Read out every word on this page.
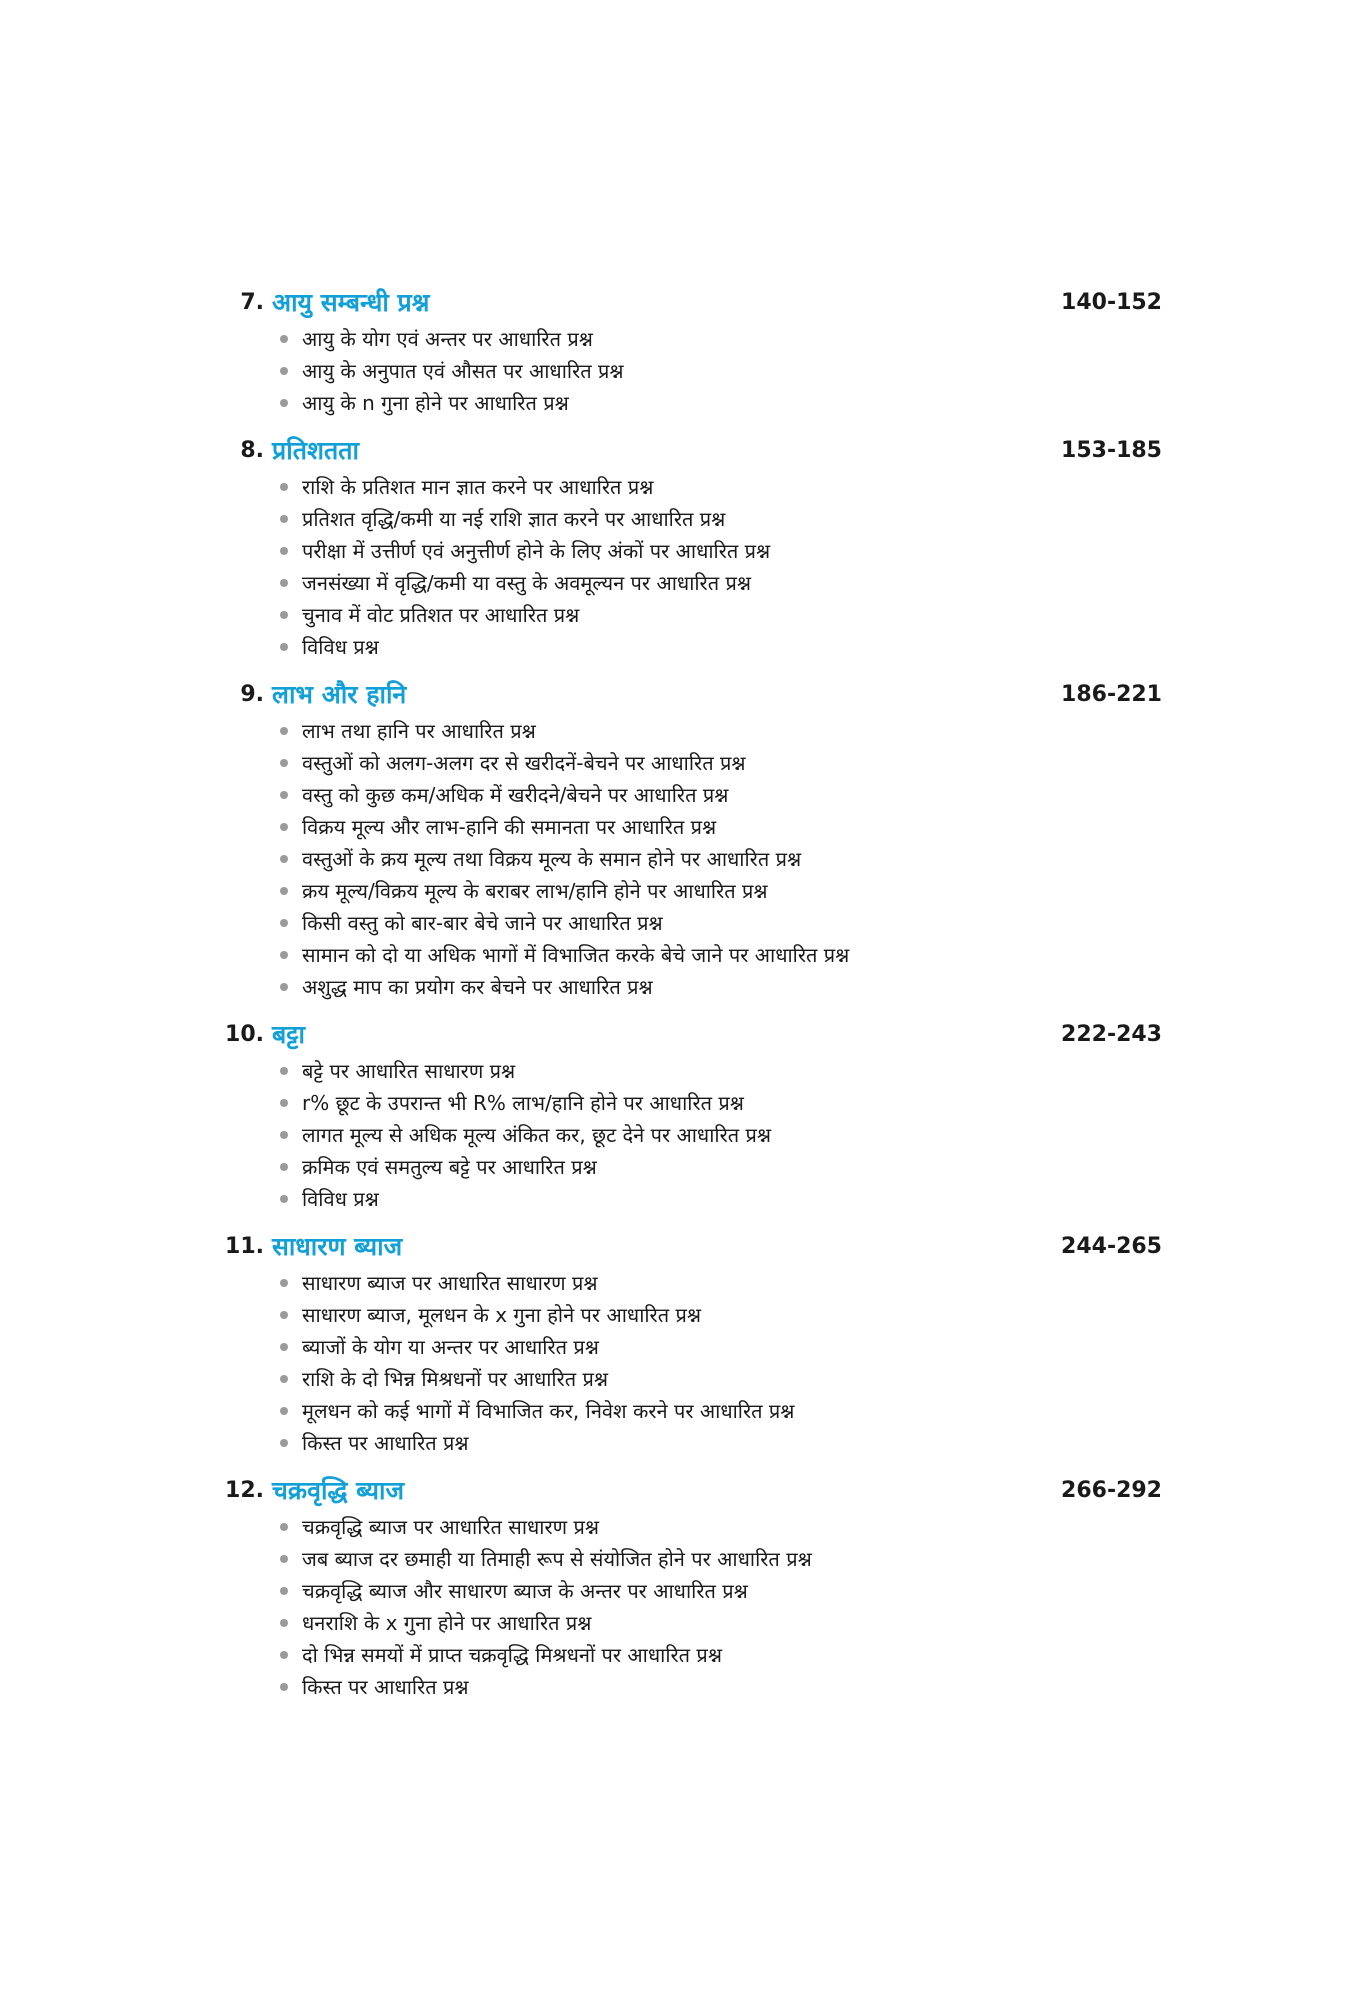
7. आयु सम्बन्धी प्रश्न	140-152
आयु के योग एवं अन्तर पर आधारित प्रश्न
आयु के अनुपात एवं औसत पर आधारित प्रश्न
आयु के n गुना होने पर आधारित प्रश्न
8. प्रतिशतता	153-185
राशि के प्रतिशत मान ज्ञात करने पर आधारित प्रश्न
प्रतिशत वृद्धि/कमी या नई राशि ज्ञात करने पर आधारित प्रश्न
परीक्षा में उत्तीर्ण एवं अनुत्तीर्ण होने के लिए अंकों पर आधारित प्रश्न
जनसंख्या में वृद्धि/कमी या वस्तु के अवमूल्यन पर आधारित प्रश्न
चुनाव में वोट प्रतिशत पर आधारित प्रश्न
विविध प्रश्न
9. लाभ और हानि	186-221
लाभ तथा हानि पर आधारित प्रश्न
वस्तुओं को अलग-अलग दर से खरीदनें-बेचने पर आधारित प्रश्न
वस्तु को कुछ कम/अधिक में खरीदने/बेचने पर आधारित प्रश्न
विक्रय मूल्य और लाभ-हानि की समानता पर आधारित प्रश्न
वस्तुओं के क्रय मूल्य तथा विक्रय मूल्य के समान होने पर आधारित प्रश्न
क्रय मूल्य/विक्रय मूल्य के बराबर लाभ/हानि होने पर आधारित प्रश्न
किसी वस्तु को बार-बार बेचे जाने पर आधारित प्रश्न
सामान को दो या अधिक भागों में विभाजित करके बेचे जाने पर आधारित प्रश्न
अशुद्ध माप का प्रयोग कर बेचने पर आधारित प्रश्न
10. बट्टा	222-243
बट्टे पर आधारित साधारण प्रश्न
r% छूट के उपरान्त भी R% लाभ/हानि होने पर आधारित प्रश्न
लागत मूल्य से अधिक मूल्य अंकित कर, छूट देने पर आधारित प्रश्न
क्रमिक एवं समतुल्य बट्टे पर आधारित प्रश्न
विविध प्रश्न
11. साधारण ब्याज	244-265
साधारण ब्याज पर आधारित साधारण प्रश्न
साधारण ब्याज, मूलधन के x गुना होने पर आधारित प्रश्न
ब्याजों के योग या अन्तर पर आधारित प्रश्न
राशि के दो भिन्न मिश्रधनों पर आधारित प्रश्न
मूलधन को कई भागों में विभाजित कर, निवेश करने पर आधारित प्रश्न
किस्त पर आधारित प्रश्न
12. चक्रवृद्धि ब्याज	266-292
चक्रवृद्धि ब्याज पर आधारित साधारण प्रश्न
जब ब्याज दर छमाही या तिमाही रूप से संयोजित होने पर आधारित प्रश्न
चक्रवृद्धि ब्याज और साधारण ब्याज के अन्तर पर आधारित प्रश्न
धनराशि के x गुना होने पर आधारित प्रश्न
दो भिन्न समयों में प्राप्त चक्रवृद्धि मिश्रधनों पर आधारित प्रश्न
किस्त पर आधारित प्रश्न
